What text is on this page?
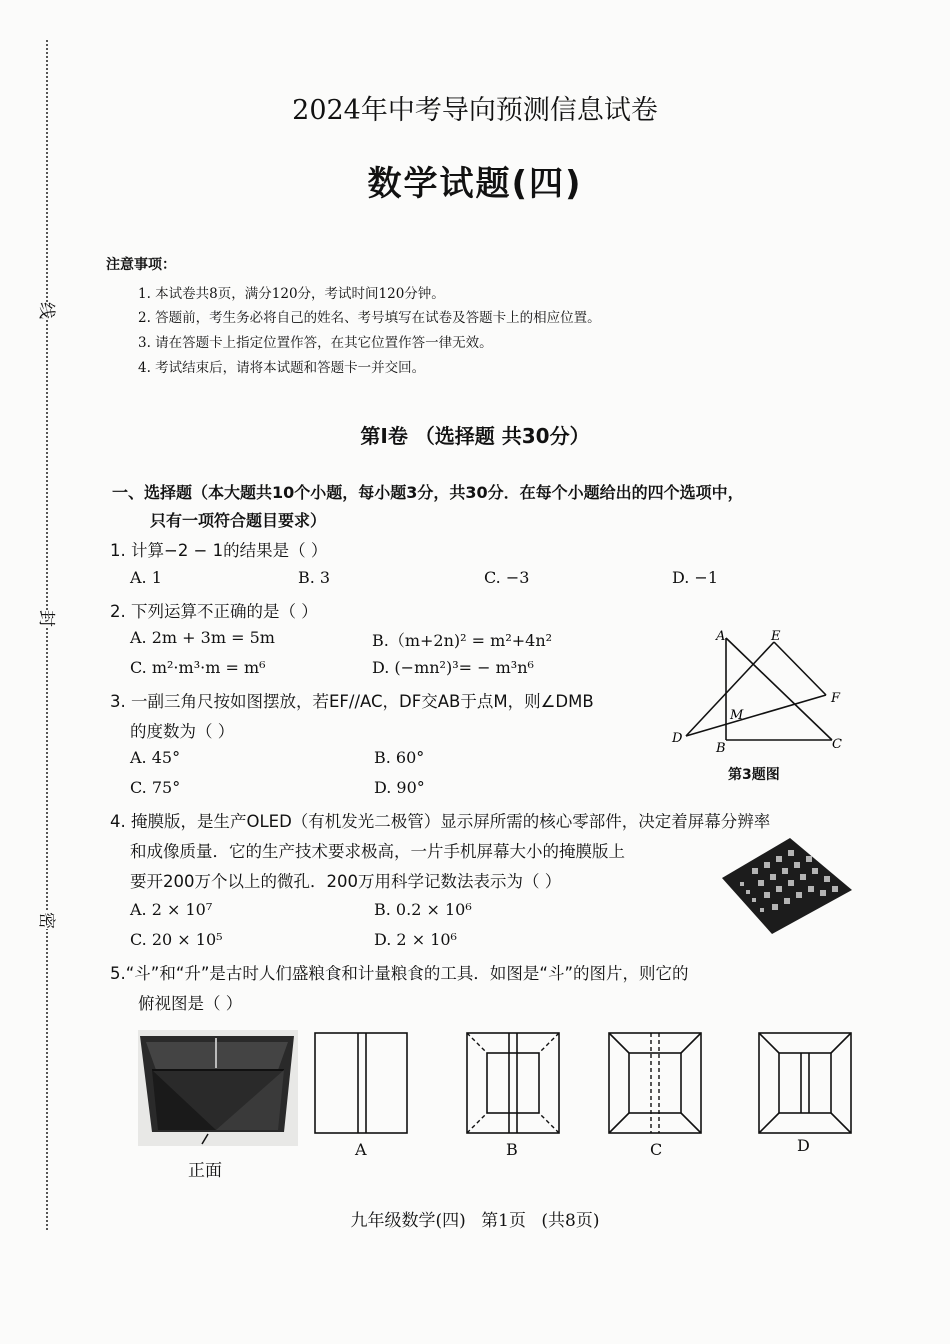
线
封
密
2024年中考导向预测信息试卷
数学试题(四)
注意事项：
1. 本试卷共8页，满分120分，考试时间120分钟。
2. 答题前，考生务必将自己的姓名、考号填写在试卷及答题卡上的相应位置。
3. 请在答题卡上指定位置作答，在其它位置作答一律无效。
4. 考试结束后，请将本试题和答题卡一并交回。
第Ⅰ卷 （选择题 共30分）
一、选择题（本大题共10个小题，每小题3分，共30分．在每个小题给出的四个选项中，
只有一项符合题目要求）
1. 计算−2 − 1的结果是（ ）
A. 1	B. 3	C. −3	D. −1
2. 下列运算不正确的是（ ）
A. 2m + 3m = 5m	B.（m+2n)² = m²+4n²
C. m²·m³·m = m⁶	D. (−mn²)³= − m³n⁶
3. 一副三角尺按如图摆放，若EF//AC，DF交AB于点M，则∠DMB
的度数为（ ）
A. 45°	B. 60°
C. 75°	D. 90°
A	E
F
M
D
B	C
第3题图
4. 掩膜版，是生产OLED（有机发光二极管）显示屏所需的核心零部件，决定着屏幕分辨率
和成像质量．它的生产技术要求极高，一片手机屏幕大小的掩膜版上
要开200万个以上的微孔．200万用科学记数法表示为（ ）
A. 2 × 10⁷	B. 0.2 × 10⁶
C. 20 × 10⁵	D. 2 × 10⁶
5.“斗”和“升”是古时人们盛粮食和计量粮食的工具．如图是“斗”的图片，则它的
俯视图是（ ）
正面
A	B	C	D
九年级数学(四) 第1页 (共8页)
